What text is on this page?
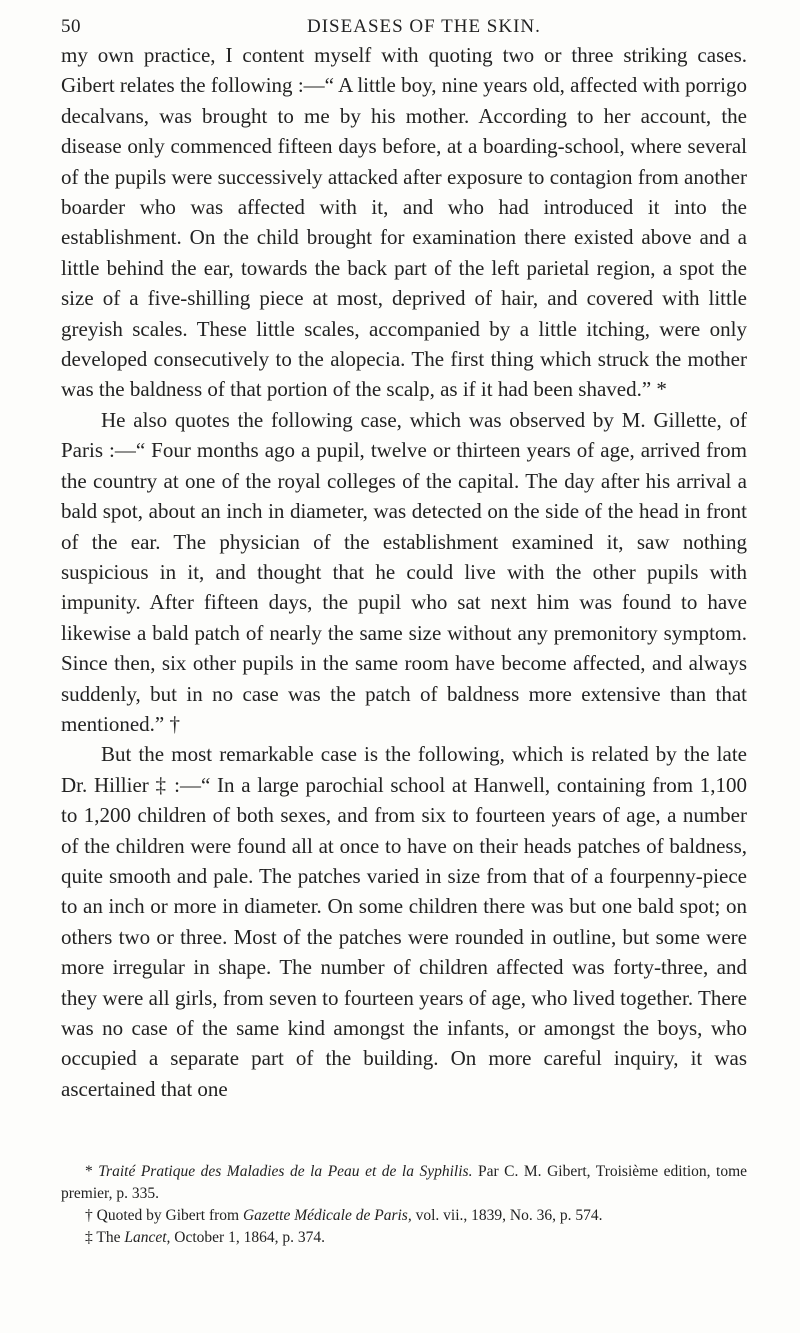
50	DISEASES OF THE SKIN.

my own practice, I content myself with quoting two or three striking cases. Gibert relates the following :—“ A little boy, nine years old, affected with porrigo decalvans, was brought to me by his mother. According to her account, the disease only commenced fifteen days before, at a boarding-school, where several of the pupils were successively attacked after exposure to contagion from another boarder who was affected with it, and who had introduced it into the establishment. On the child brought for examination there existed above and a little behind the ear, towards the back part of the left parietal region, a spot the size of a five-shilling piece at most, deprived of hair, and covered with little greyish scales. These little scales, accompanied by a little itching, were only developed consecutively to the alopecia. The first thing which struck the mother was the baldness of that portion of the scalp, as if it had been shaved.” *

He also quotes the following case, which was observed by M. Gillette, of Paris :—“ Four months ago a pupil, twelve or thirteen years of age, arrived from the country at one of the royal colleges of the capital. The day after his arrival a bald spot, about an inch in diameter, was detected on the side of the head in front of the ear. The physician of the establishment examined it, saw nothing suspicious in it, and thought that he could live with the other pupils with impunity. After fifteen days, the pupil who sat next him was found to have likewise a bald patch of nearly the same size without any premonitory symptom. Since then, six other pupils in the same room have become affected, and always suddenly, but in no case was the patch of baldness more extensive than that mentioned.” †

But the most remarkable case is the following, which is related by the late Dr. Hillier ‡ :—“ In a large parochial school at Hanwell, containing from 1,100 to 1,200 children of both sexes, and from six to fourteen years of age, a number of the children were found all at once to have on their heads patches of baldness, quite smooth and pale. The patches varied in size from that of a fourpenny-piece to an inch or more in diameter. On some children there was but one bald spot; on others two or three. Most of the patches were rounded in outline, but some were more irregular in shape. The number of children affected was forty-three, and they were all girls, from seven to fourteen years of age, who lived together. There was no case of the same kind amongst the infants, or amongst the boys, who occupied a separate part of the building. On more careful inquiry, it was ascertained that one

* Traité Pratique des Maladies de la Peau et de la Syphilis. Par C. M. Gibert, Troisième edition, tome premier, p. 335.

† Quoted by Gibert from Gazette Médicale de Paris, vol. vii., 1839, No. 36, p. 574.

‡ The Lancet, October 1, 1864, p. 374.
